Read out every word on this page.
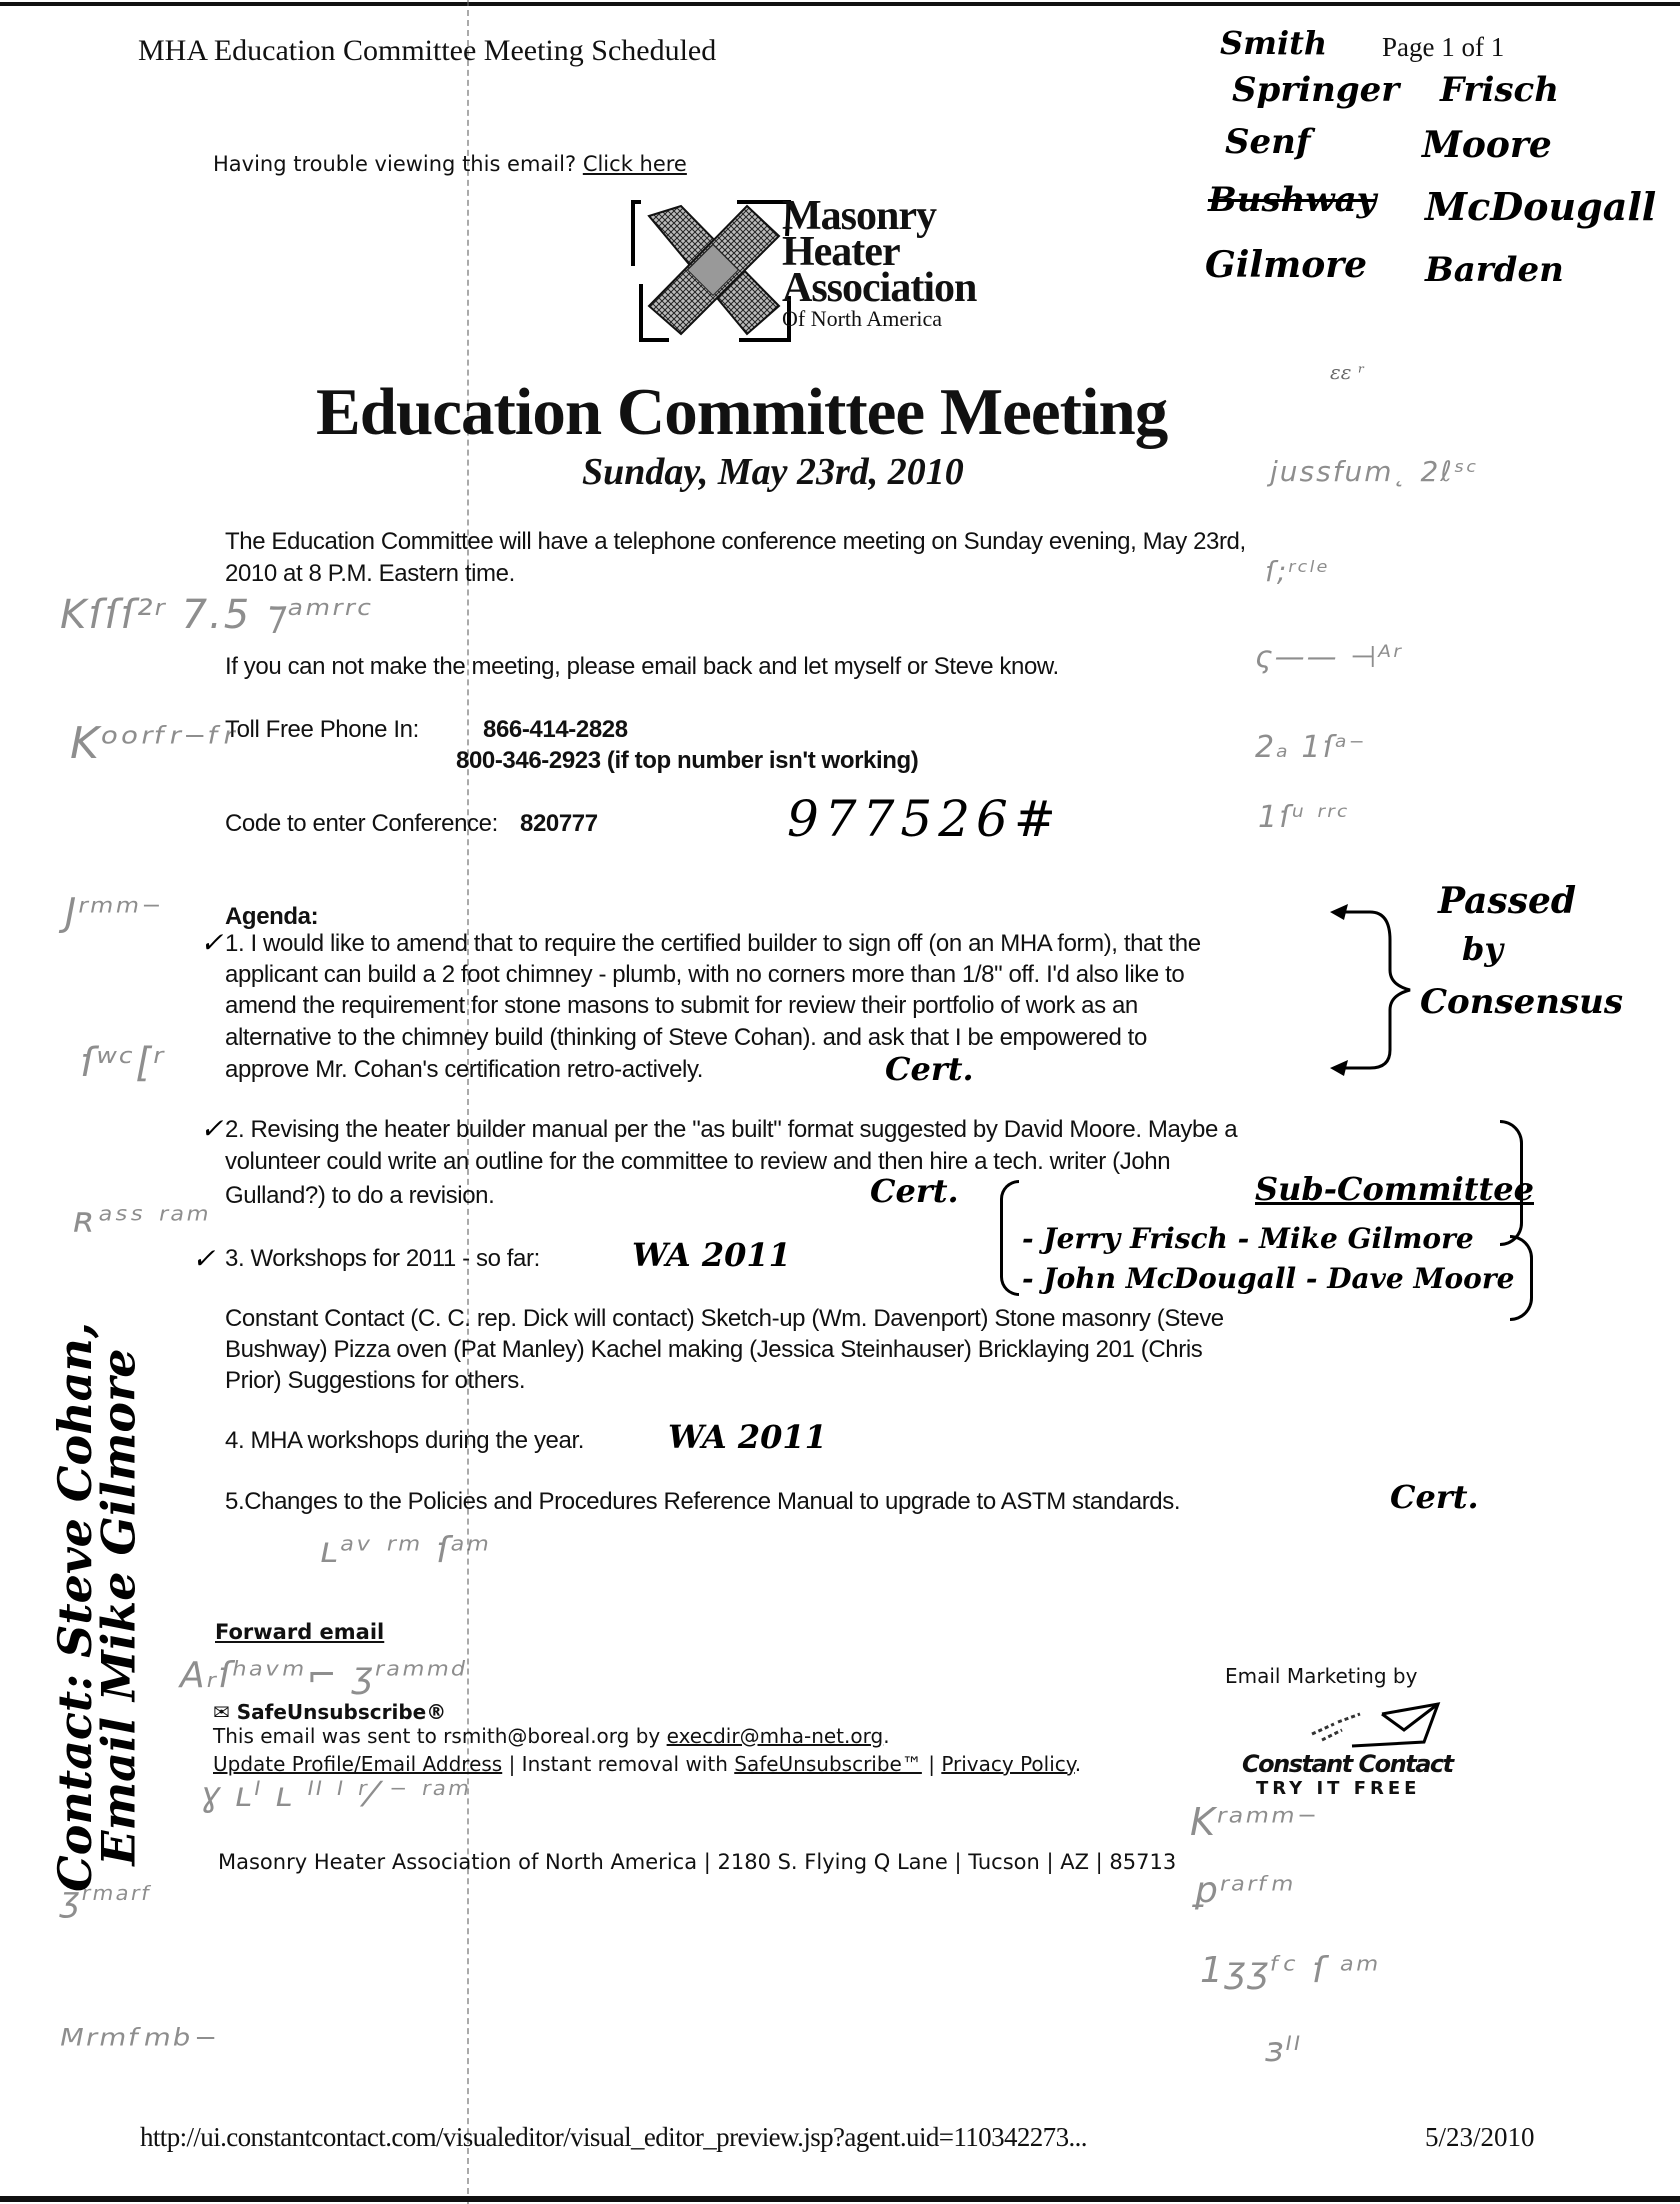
MHA Education Committee Meeting Scheduled	Page 1 of 1
Smith
Springer
Senf
Bushway
Gilmore
Frisch
Moore
McDougall
Barden
Having trouble viewing this email? Click here
Masonry
Heater
Association
Of North America
Education Committee Meeting
ɛɛ ʳ
Sunday, May 23rd, 2010	jussfum˛ 2ℓˢᶜ
The Education Committee will have a telephone conference meeting on Sunday evening, May 23rd,
2010 at 8 P.M. Eastern time.
Kſſſ²ʳ 7.5 ⁊ᵃᵐʳʳᶜ
ſ;ʳᶜˡᵉ
If you can not make the meeting, please email back and let myself or Steve know.	ς—— ⊣ᴬʳ
Toll Free Phone In:	866-414-2828
800-346-2923 (if top number isn't working)
Kᵒᵒʳᶠʳ⁻ᶠʳ	2ₐ 1ſᵃ⁻
Code to enter Conference: 820777	977526#	1ſᵘ ʳʳᶜ
Agenda:
Jʳᵐᵐ⁻
✓ 1. I would like to amend that to require the certified builder to sign off (on an MHA form), that the
applicant can build a 2 foot chimney - plumb, with no corners more than 1/8" off. I'd also like to
amend the requirement for stone masons to submit for review their portfolio of work as an
alternative to the chimney build (thinking of Steve Cohan). and ask that I be empowered to
approve Mr. Cohan's certification retro-actively.	Cert.
ſʷᶜ[ʳ
Passed
by
Consensus
✓ 2. Revising the heater builder manual per the "as built" format suggested by David Moore. Maybe a
volunteer could write an outline for the committee to review and then hire a tech. writer (John
Gulland?) to do a revision.	Cert.
ʀᵃˢˢ ʳᵃᵐ
Sub-Committee
- Jerry Frisch - Mike Gilmore
- John McDougall - Dave Moore
✓ 3. Workshops for 2011 - so far:	WA 2011
Constant Contact (C. C. rep. Dick will contact) Sketch-up (Wm. Davenport) Stone masonry (Steve
Bushway) Pizza oven (Pat Manley) Kachel making (Jessica Steinhauser) Bricklaying 201 (Chris
Prior) Suggestions for others.
4. MHA workshops during the year.	WA 2011
5.Changes to the Policies and Procedures Reference Manual to upgrade to ASTM standards.	Cert.
ʟᵃᵛ ʳᵐ ſᵃᵐ
Contact: Steve Cohan,
Email Mike Gilmore	Forward email
Aᵣſʰᵃᵛᵐ⌐ ʒʳᵃᵐᵐᵈ
✉ SafeUnsubscribe®
This email was sent to rsmith@boreal.org by execdir@mha-net.org.
Update Profile/Email Address | Instant removal with SafeUnsubscribe™ | Privacy Policy.
ɣ ʟᴵ ʟ ᴵᴵ ᴵ ʳ⁄ ⁻ ʳᵃᵐ
Email Marketing by
Constant Contact
TRY IT FREE
Kʳᵃᵐᵐ⁻
Masonry Heater Association of North America | 2180 S. Flying Q Lane | Tucson | AZ | 85713
ꝑʳᵃʳᶠᵐ
1ʒʒᶠᶜ ſ ᵃᵐ
ɜᴵᴵ
ʒʳᵐᵃʳᶠ
ᴹʳᵐᶠᵐᵇ⁻
http://ui.constantcontact.com/visualeditor/visual_editor_preview.jsp?agent.uid=110342273...	5/23/2010
